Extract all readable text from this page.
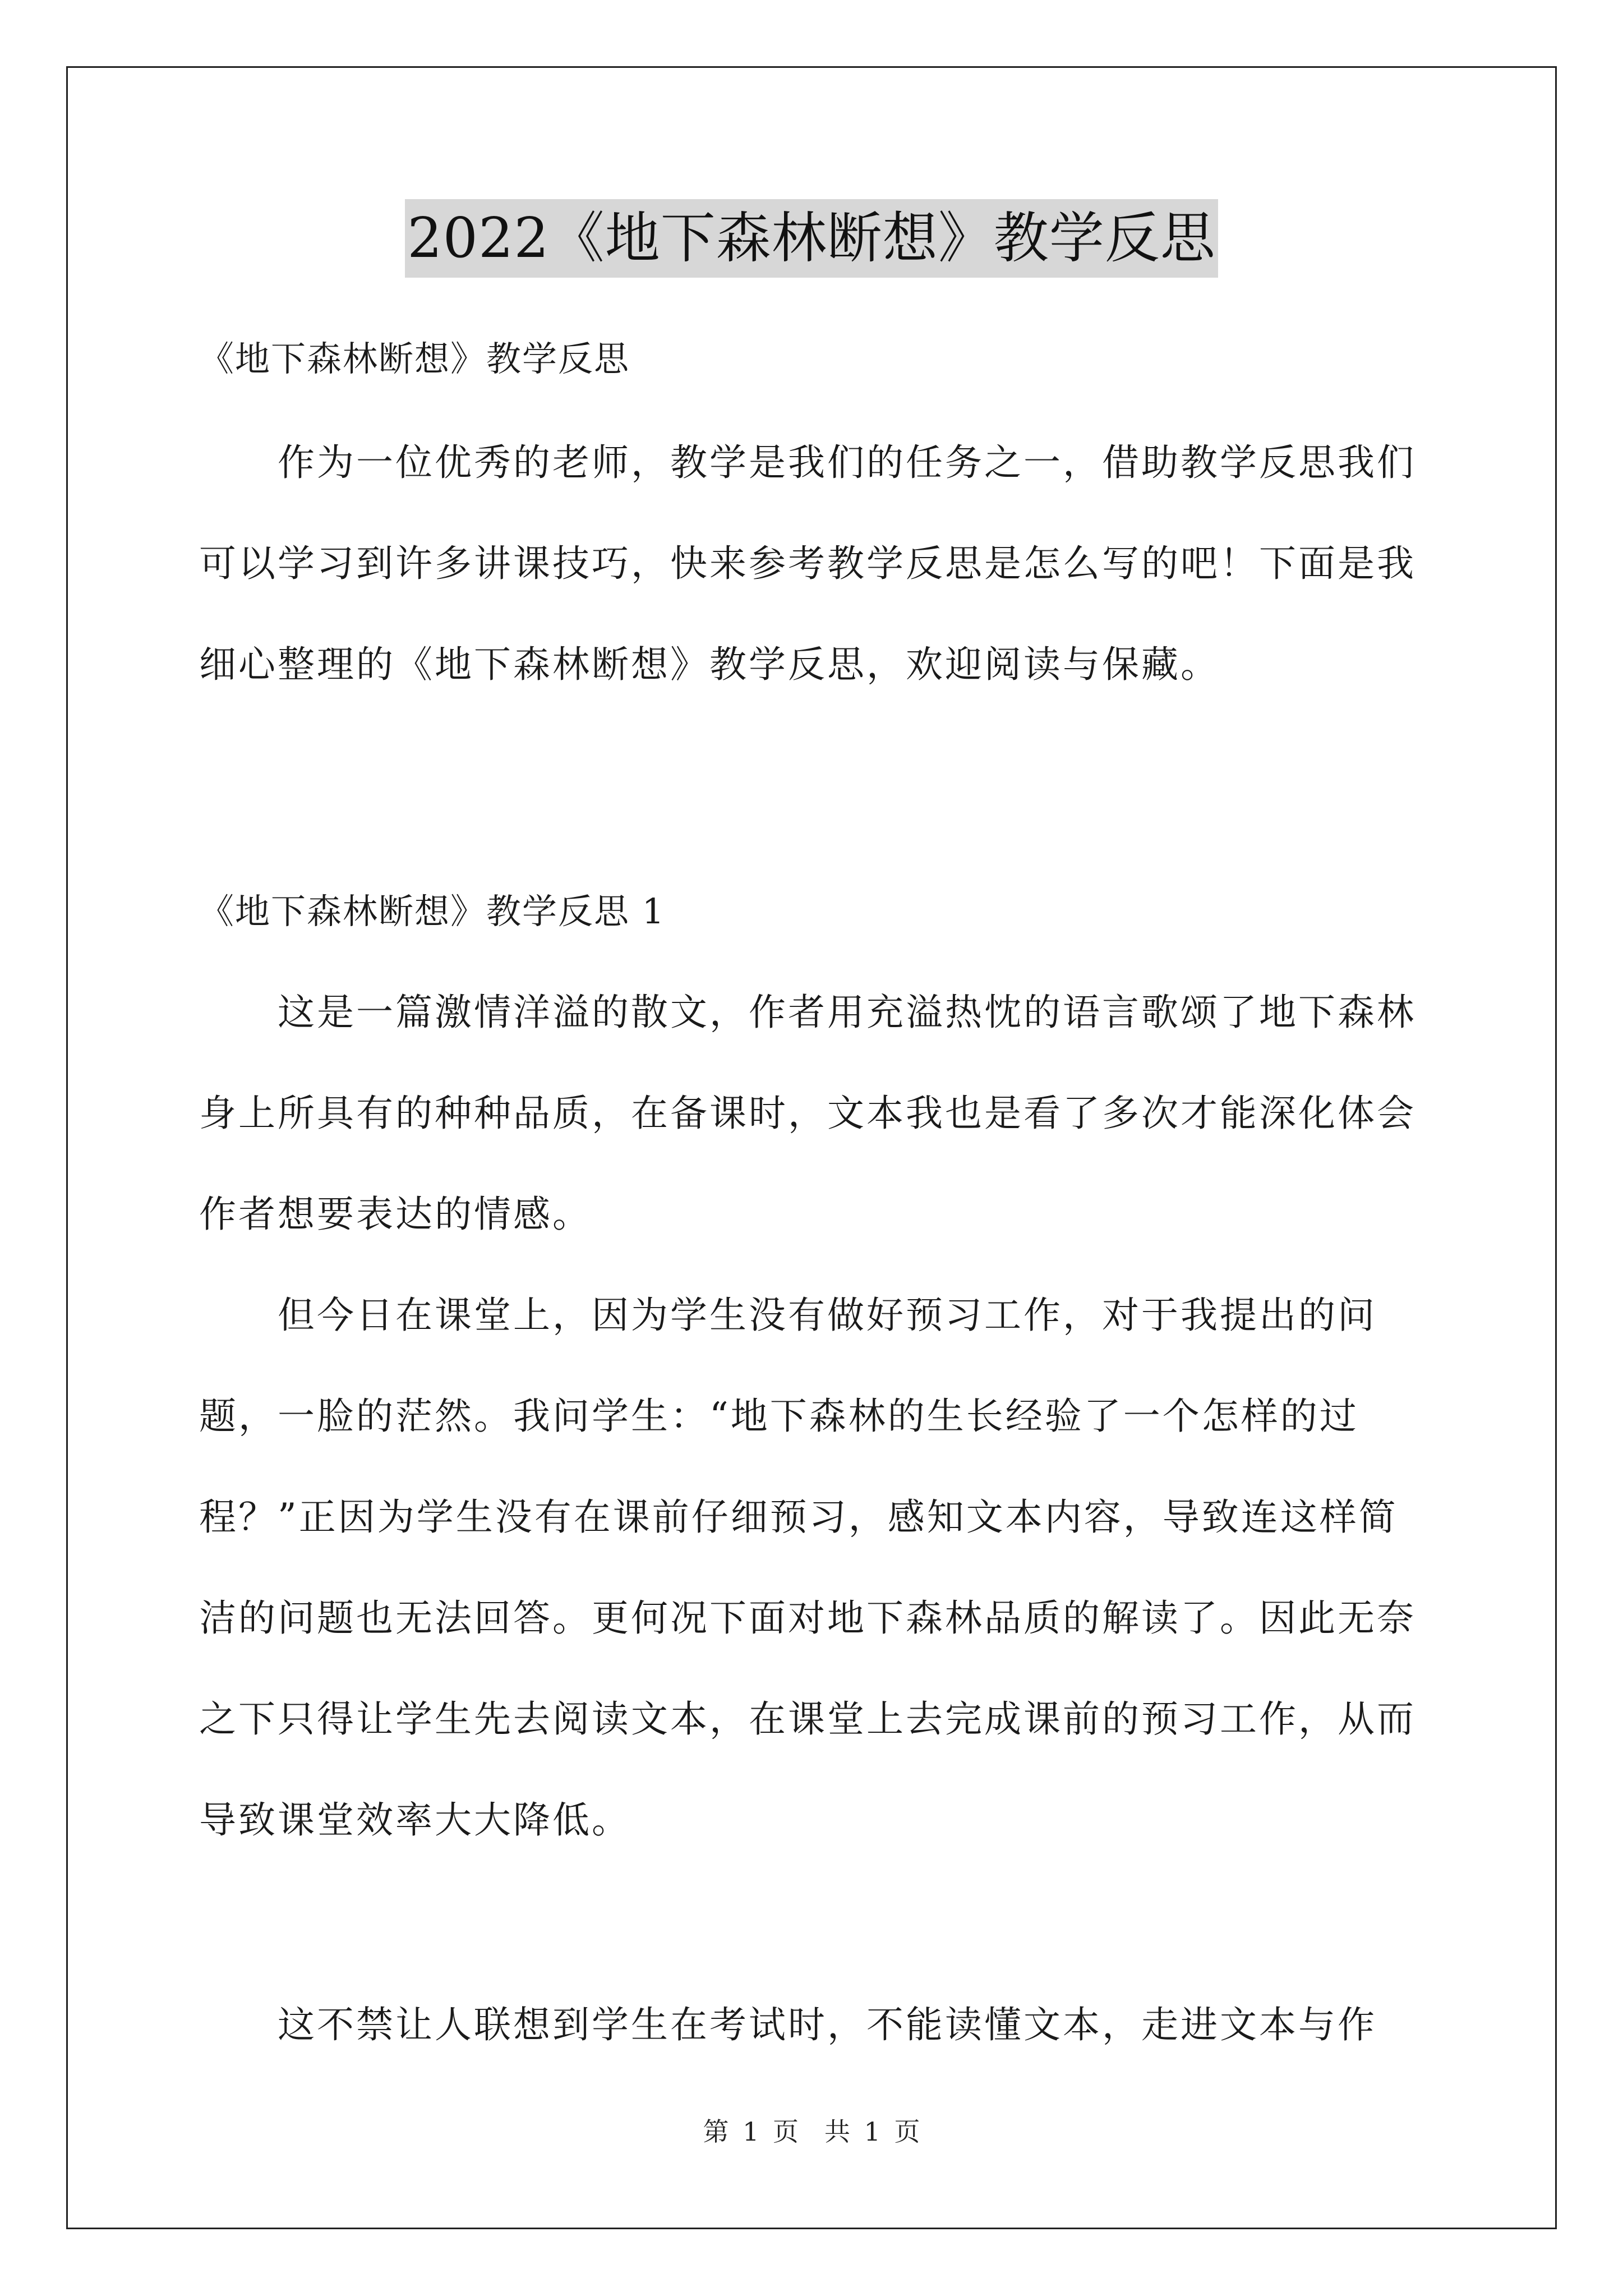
2022《地下森林断想》教学反思

《地下森林断想》教学反思

作为一位优秀的老师，教学是我们的任务之一，借助教学反思我们可以学习到许多讲课技巧，快来参考教学反思是怎么写的吧！下面是我细心整理的《地下森林断想》教学反思，欢迎阅读与保藏。

《地下森林断想》教学反思 1

这是一篇激情洋溢的散文，作者用充溢热忱的语言歌颂了地下森林身上所具有的种种品质，在备课时，文本我也是看了多次才能深化体会作者想要表达的情感。

但今日在课堂上，因为学生没有做好预习工作，对于我提出的问题，一脸的茫然。我问学生：“地下森林的生长经验了一个怎样的过程？”正因为学生没有在课前仔细预习，感知文本内容，导致连这样简洁的问题也无法回答。更何况下面对地下森林品质的解读了。因此无奈之下只得让学生先去阅读文本，在课堂上去完成课前的预习工作，从而导致课堂效率大大降低。

这不禁让人联想到学生在考试时，不能读懂文本，走进文本与作

第 1 页　共 1 页
